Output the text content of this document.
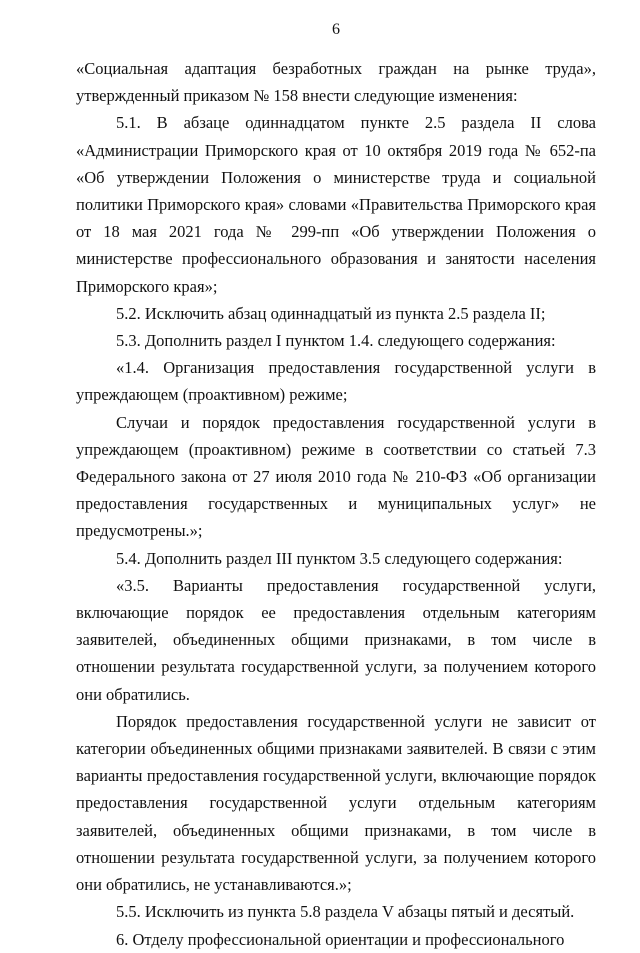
6

«Социальная адаптация безработных граждан на рынке труда», утвержденный приказом № 158 внести следующие изменения:

5.1. В абзаце одиннадцатом пункте 2.5 раздела II слова «Администрации Приморского края от 10 октября 2019 года № 652-па «Об утверждении Положения о министерстве труда и социальной политики Приморского края» словами «Правительства Приморского края от 18 мая 2021 года № 299-пп «Об утверждении Положения о министерстве профессионального образования и занятости населения Приморского края»;

5.2. Исключить абзац одиннадцатый из пункта 2.5 раздела II;

5.3. Дополнить раздел I пунктом 1.4. следующего содержания:

«1.4. Организация предоставления государственной услуги в упреждающем (проактивном) режиме;

Случаи и порядок предоставления государственной услуги в упреждающем (проактивном) режиме в соответствии со статьей 7.3 Федерального закона от 27 июля 2010 года № 210-ФЗ «Об организации предоставления государственных и муниципальных услуг» не предусмотрены.»;

5.4. Дополнить раздел III пунктом 3.5 следующего содержания:

«3.5. Варианты предоставления государственной услуги, включающие порядок ее предоставления отдельным категориям заявителей, объединенных общими признаками, в том числе в отношении результата государственной услуги, за получением которого они обратились.

Порядок предоставления государственной услуги не зависит от категории объединенных общими признаками заявителей. В связи с этим варианты предоставления государственной услуги, включающие порядок предоставления государственной услуги отдельным категориям заявителей, объединенных общими признаками, в том числе в отношении результата государственной услуги, за получением которого они обратились, не устанавливаются.»;

5.5. Исключить из пункта 5.8 раздела V абзацы пятый и десятый.

6. Отделу профессиональной ориентации и профессионального
